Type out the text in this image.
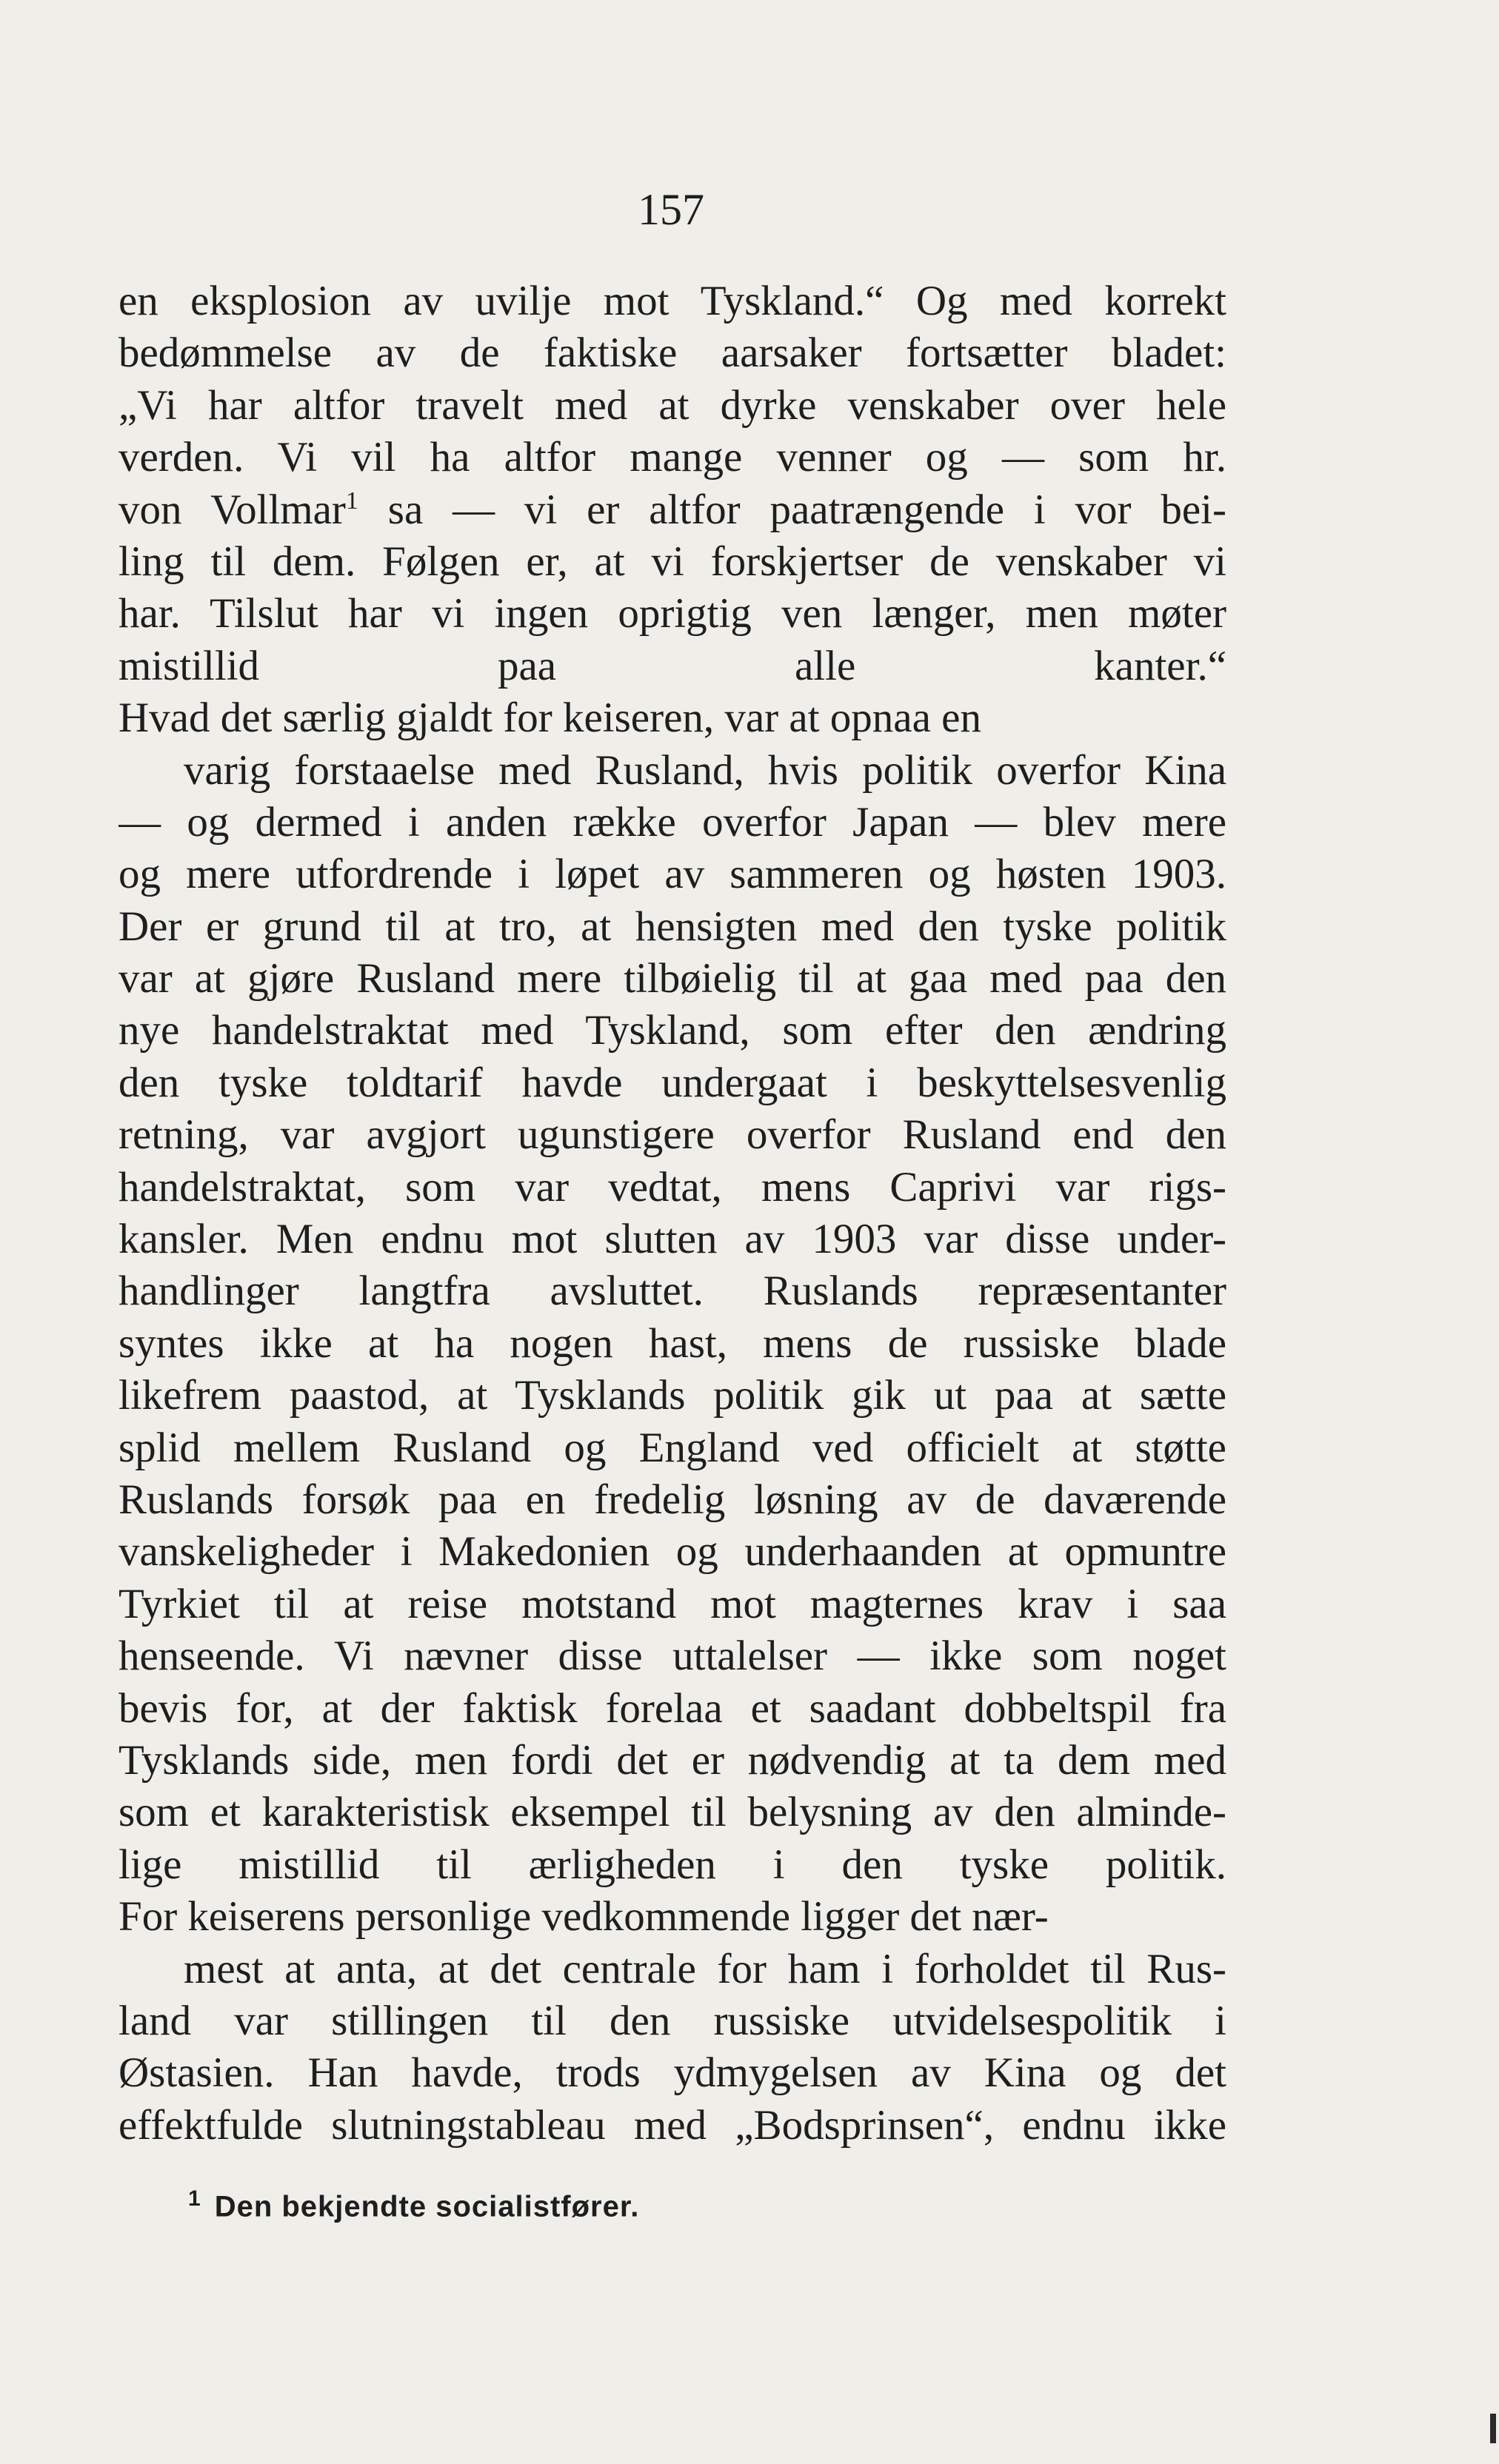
157
en eksplosion av uvilje mot Tyskland.“ Og med korrekt
bedømmelse av de faktiske aarsaker fortsætter bladet:
„Vi har altfor travelt med at dyrke venskaber over hele
verden. Vi vil ha altfor mange venner og — som hr.
von Vollmar$^1$ sa — vi er altfor paatrængende i vor bei-
ling til dem. Følgen er, at vi forskjertser de venskaber vi
har. Tilslut har vi ingen oprigtig ven længer, men møter
mistillid paa alle kanter.“
Hvad det særlig gjaldt for keiseren, var at opnaa en
varig forstaaelse med Rusland, hvis politik overfor Kina
— og dermed i anden række overfor Japan — blev mere
og mere utfordrende i løpet av sammeren og høsten 1903.
Der er grund til at tro, at hensigten med den tyske politik
var at gjøre Rusland mere tilbøielig til at gaa med paa den
nye handelstraktat med Tyskland, som efter den ændring
den tyske toldtarif havde undergaat i beskyttelsesvenlig
retning, var avgjort ugunstigere overfor Rusland end den
handelstraktat, som var vedtat, mens Caprivi var rigs-
kansler. Men endnu mot slutten av 1903 var disse under-
handlinger langtfra avsluttet. Ruslands repræsentanter
syntes ikke at ha nogen hast, mens de russiske blade
likefrem paastod, at Tysklands politik gik ut paa at sætte
splid mellem Rusland og England ved officielt at støtte
Ruslands forsøk paa en fredelig løsning av de daværende
vanskeligheder i Makedonien og underhaanden at opmuntre
Tyrkiet til at reise motstand mot magternes krav i saa
henseende. Vi nævner disse uttalelser — ikke som noget
bevis for, at der faktisk forelaa et saadant dobbeltspil fra
Tysklands side, men fordi det er nødvendig at ta dem med
som et karakteristisk eksempel til belysning av den alminde-
lige mistillid til ærligheden i den tyske politik.
For keiserens personlige vedkommende ligger det nær-
mest at anta, at det centrale for ham i forholdet til Rus-
land var stillingen til den russiske utvidelsespolitik i
Østasien. Han havde, trods ydmygelsen av Kina og det
effektfulde slutningstableau med „Bodsprinsen“, endnu ikke
$^1$ Den bekjendte socialistfører.
